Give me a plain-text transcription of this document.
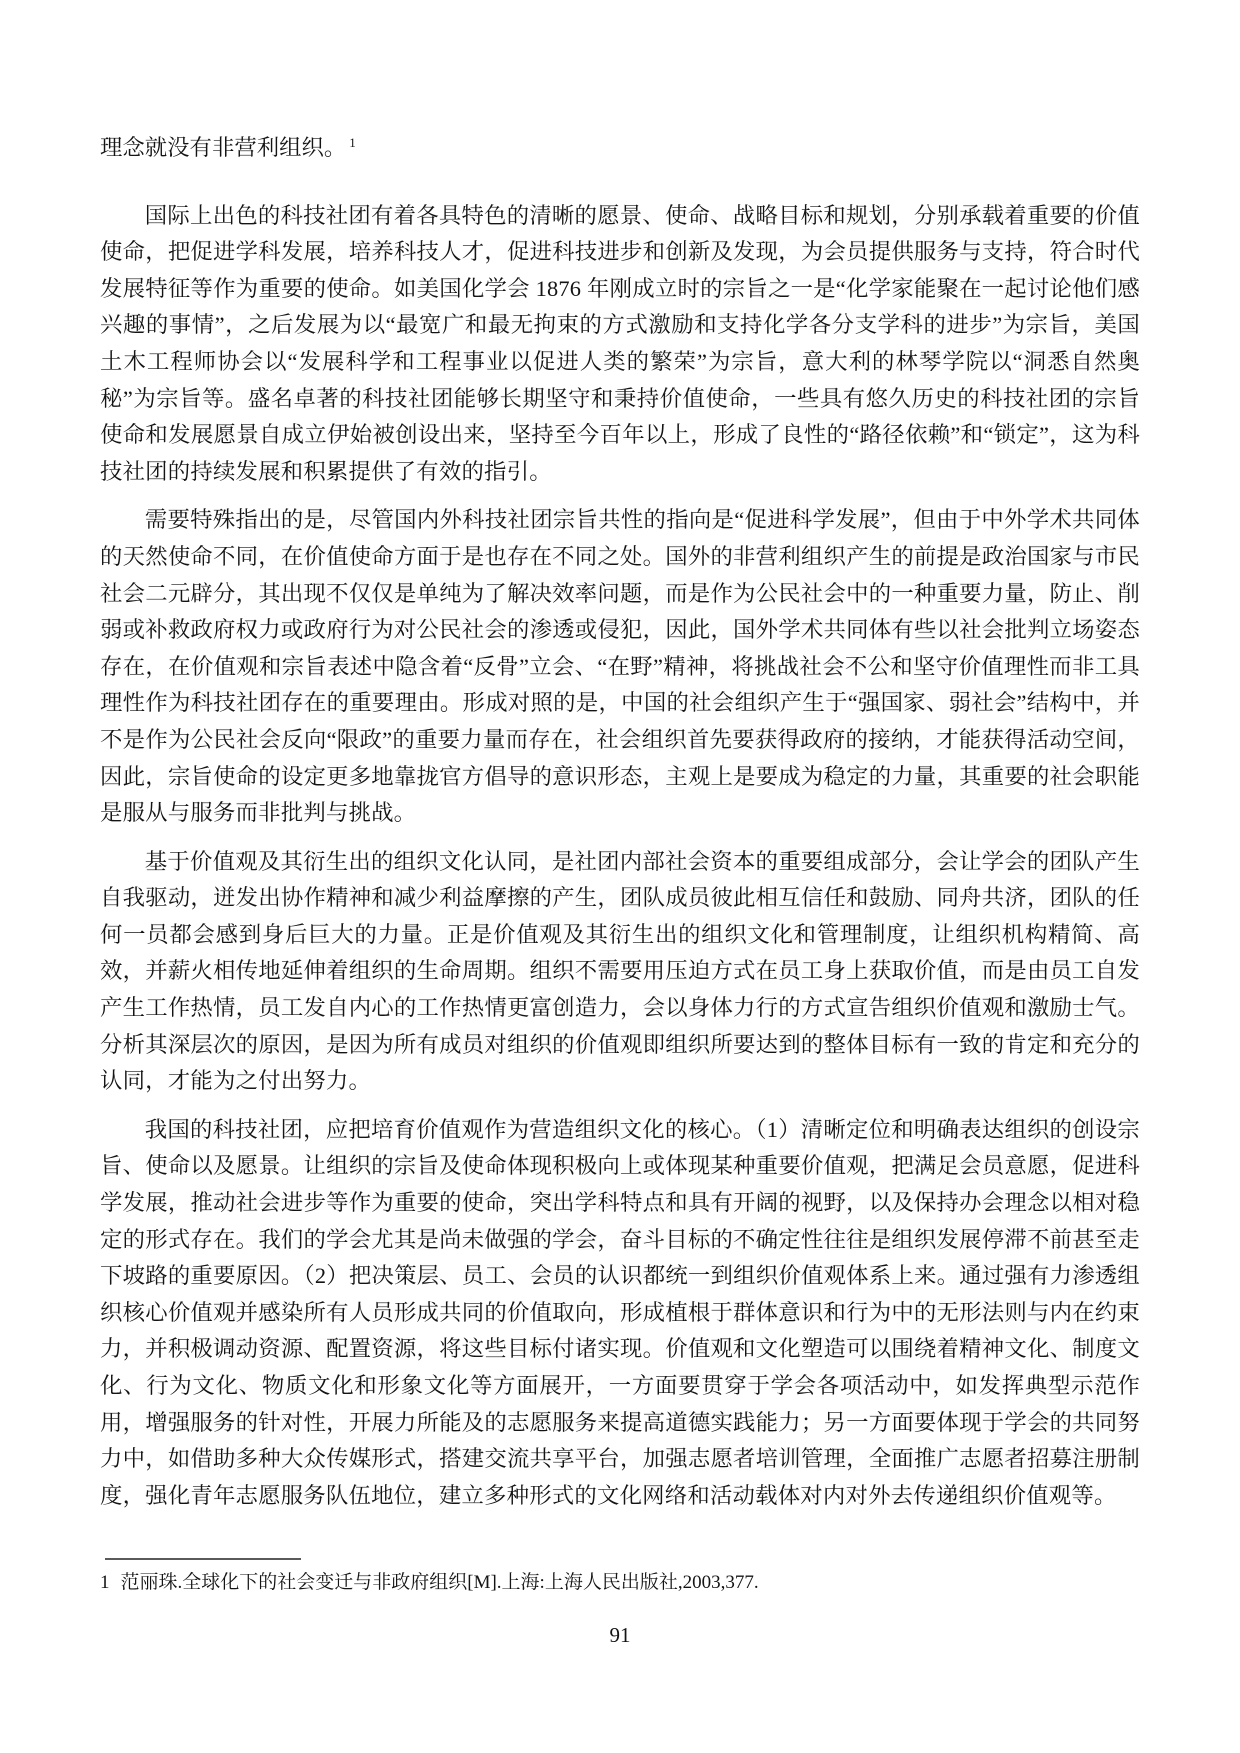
理念就没有非营利组织。 $^1$

国际上出色的科技社团有着各具特色的清晰的愿景、使命、战略目标和规划，分别承载着重要的价值使命，把促进学科发展，培养科技人才，促进科技进步和创新及发现，为会员提供服务与支持，符合时代发展特征等作为重要的使命。如美国化学会 1876 年刚成立时的宗旨之一是“化学家能聚在一起讨论他们感兴趣的事情”，之后发展为以“最宽广和最无拘束的方式激励和支持化学各分支学科的进步”为宗旨，美国土木工程师协会以“发展科学和工程事业以促进人类的繁荣”为宗旨，意大利的林琴学院以“洞悉自然奥秘”为宗旨等。盛名卓著的科技社团能够长期坚守和秉持价值使命，一些具有悠久历史的科技社团的宗旨使命和发展愿景自成立伊始被创设出来，坚持至今百年以上，形成了良性的“路径依赖”和“锁定”，这为科技社团的持续发展和积累提供了有效的指引。

需要特殊指出的是，尽管国内外科技社团宗旨共性的指向是“促进科学发展”，但由于中外学术共同体的天然使命不同，在价值使命方面于是也存在不同之处。国外的非营利组织产生的前提是政治国家与市民社会二元辟分，其出现不仅仅是单纯为了解决效率问题，而是作为公民社会中的一种重要力量，防止、削弱或补救政府权力或政府行为对公民社会的渗透或侵犯，因此，国外学术共同体有些以社会批判立场姿态存在，在价值观和宗旨表述中隐含着“反骨”立会、“在野”精神，将挑战社会不公和坚守价值理性而非工具理性作为科技社团存在的重要理由。形成对照的是，中国的社会组织产生于“强国家、弱社会”结构中，并不是作为公民社会反向“限政”的重要力量而存在，社会组织首先要获得政府的接纳，才能获得活动空间，因此，宗旨使命的设定更多地靠拢官方倡导的意识形态，主观上是要成为稳定的力量，其重要的社会职能是服从与服务而非批判与挑战。

基于价值观及其衍生出的组织文化认同，是社团内部社会资本的重要组成部分，会让学会的团队产生自我驱动，迸发出协作精神和减少利益摩擦的产生，团队成员彼此相互信任和鼓励、同舟共济，团队的任何一员都会感到身后巨大的力量。正是价值观及其衍生出的组织文化和管理制度，让组织机构精简、高效，并薪火相传地延伸着组织的生命周期。组织不需要用压迫方式在员工身上获取价值，而是由员工自发产生工作热情，员工发自内心的工作热情更富创造力，会以身体力行的方式宣告组织价值观和激励士气。分析其深层次的原因，是因为所有成员对组织的价值观即组织所要达到的整体目标有一致的肯定和充分的认同，才能为之付出努力。

我国的科技社团，应把培育价值观作为营造组织文化的核心。（1）清晰定位和明确表达组织的创设宗旨、使命以及愿景。让组织的宗旨及使命体现积极向上或体现某种重要价值观，把满足会员意愿，促进科学发展，推动社会进步等作为重要的使命，突出学科特点和具有开阔的视野，以及保持办会理念以相对稳定的形式存在。我们的学会尤其是尚未做强的学会，奋斗目标的不确定性往往是组织发展停滞不前甚至走下坡路的重要原因。（2）把决策层、员工、会员的认识都统一到组织价值观体系上来。通过强有力渗透组织核心价值观并感染所有人员形成共同的价值取向，形成植根于群体意识和行为中的无形法则与内在约束力，并积极调动资源、配置资源，将这些目标付诸实现。价值观和文化塑造可以围绕着精神文化、制度文化、行为文化、物质文化和形象文化等方面展开，一方面要贯穿于学会各项活动中，如发挥典型示范作用，增强服务的针对性，开展力所能及的志愿服务来提高道德实践能力；另一方面要体现于学会的共同努力中，如借助多种大众传媒形式，搭建交流共享平台，加强志愿者培训管理，全面推广志愿者招募注册制度，强化青年志愿服务队伍地位，建立多种形式的文化网络和活动载体对内对外去传递组织价值观等。

1 范丽珠.全球化下的社会变迁与非政府组织[M].上海:上海人民出版社,2003,377.

91
